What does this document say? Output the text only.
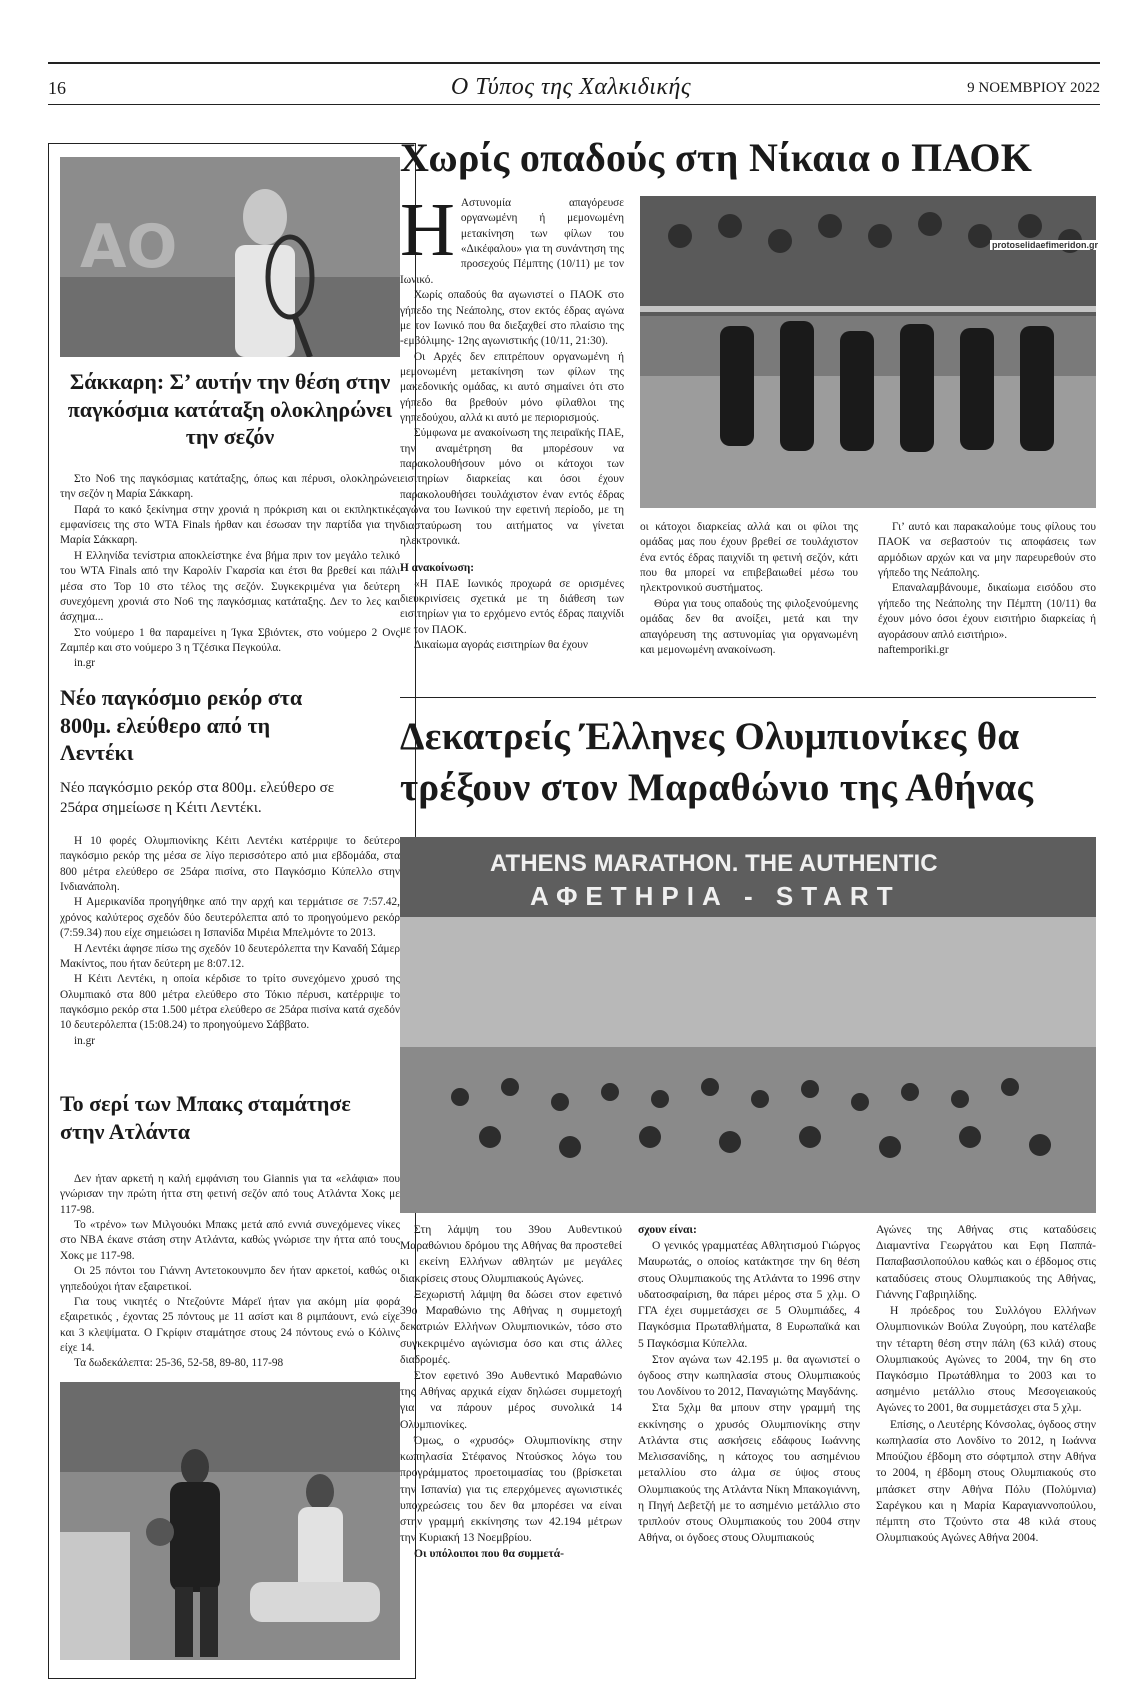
16	Ο Τύπος της Χαλκιδικής	9 ΝΟΕΜΒΡΙΟΥ 2022
AO
Σάκκαρη: Σ’ αυτήν την θέση στην παγκόσμια κατάταξη ολοκληρώνει την σεζόν

Στο Νο6 της παγκόσμιας κατάταξης, όπως και πέρυσι, ολοκληρώνει την σεζόν η Μαρία Σάκκαρη.

Παρά το κακό ξεκίνημα στην χρονιά η πρόκριση και οι εκπληκτικές εμφανίσεις της στο WTA Finals ήρθαν και έσωσαν την παρτίδα για την Μαρία Σάκκαρη.

Η Ελληνίδα τενίστρια αποκλείστηκε ένα βήμα πριν τον μεγάλο τελικό του WTA Finals από την Καρολίν Γκαρσία και έτσι θα βρεθεί και πάλι μέσα στο Top 10 στο τέλος της σεζόν. Συγκεκριμένα για δεύτερη συνεχόμενη χρονιά στο Νο6 της παγκόσμιας κατάταξης. Δεν το λες και άσχημα...

Στο νούμερο 1 θα παραμείνει η Ίγκα Σβιόντεκ, στο νούμερο 2 Ονς Ζαμπέρ και στο νούμερο 3 η Τζέσικα Πεγκούλα.

in.gr

Νέο παγκόσμιο ρεκόρ στα 800μ. ελεύθερο από τη Λεντέκι
Νέο παγκόσμιο ρεκόρ στα 800μ. ελεύθερο σε 25άρα σημείωσε η Κέιτι Λεντέκι.

Η 10 φορές Ολυμπιονίκης Κέιτι Λεντέκι κατέρριψε το δεύτερο παγκόσμιο ρεκόρ της μέσα σε λίγο περισσότερο από μια εβδομάδα, στα 800 μέτρα ελεύθερο σε 25άρα πισίνα, στο Παγκόσμιο Κύπελλο στην Ινδιανάπολη.

Η Αμερικανίδα προηγήθηκε από την αρχή και τερμάτισε σε 7:57.42, χρόνος καλύτερος σχεδόν δύο δευτερόλεπτα από το προηγούμενο ρεκόρ (7:59.34) που είχε σημειώσει η Ισπανίδα Μιρέια Μπελμόντε το 2013.

Η Λεντέκι άφησε πίσω της σχεδόν 10 δευτερόλεπτα την Καναδή Σάμερ Μακίντος, που ήταν δεύτερη με 8:07.12.

Η Κέιτι Λεντέκι, η οποία κέρδισε το τρίτο συνεχόμενο χρυσό της Ολυμπιακό στα 800 μέτρα ελεύθερο στο Τόκιο πέρυσι, κατέρριψε το παγκόσμιο ρεκόρ στα 1.500 μέτρα ελεύθερο σε 25άρα πισίνα κατά σχεδόν 10 δευτερόλεπτα (15:08.24) το προηγούμενο Σάββατο.

in.gr

Το σερί των Μπακς σταμάτησε στην Ατλάντα

Δεν ήταν αρκετή η καλή εμφάνιση του Giannis για τα «ελάφια» που γνώρισαν την πρώτη ήττα στη φετινή σεζόν από τους Ατλάντα Χοκς με 117-98.

Το «τρένο» των Μιλγουόκι Μπακς μετά από εννιά συνεχόμενες νίκες στο NBA έκανε στάση στην Ατλάντα, καθώς γνώρισε την ήττα από τους Χοκς με 117-98.

Οι 25 πόντοι του Γιάννη Αντετοκουνμπο δεν ήταν αρκετοί, καθώς οι γηπεδούχοι ήταν εξαιρετικοί.

Για τους νικητές ο Ντεζούντε Μάρεϊ ήταν για ακόμη μία φορά εξαιρετικός , έχοντας 25 πόντους με 11 ασίστ και 8 ριμπάουντ, ενώ είχε και 3 κλεψίματα. Ο Γκρίφιν σταμάτησε στους 24 πόντους ενώ ο Κόλινς είχε 14.

Τα δωδεκάλεπτα: 25-36, 52-58, 89-80, 117-98

Χωρίς οπαδούς στη Νίκαια ο ΠΑΟΚ
Η Αστυνομία απαγόρευσε οργανωμένη ή μεμονωμένη μετακίνηση των φίλων του «Δικέφαλου» για τη συνάντηση της προσεχούς Πέμπτης (10/11) με τον Ιωνικό.

Χωρίς οπαδούς θα αγωνιστεί ο ΠΑΟΚ στο γήπεδο της Νεάπολης, στον εκτός έδρας αγώνα με τον Ιωνικό που θα διεξαχθεί στο πλαίσιο της -εμβόλιμης- 12ης αγωνιστικής (10/11, 21:30).

Οι Αρχές δεν επιτρέπουν οργανωμένη ή μεμονωμένη μετακίνηση των φίλων της μακεδονικής ομάδας, κι αυτό σημαίνει ότι στο γήπεδο θα βρεθούν μόνο φίλαθλοι της γηπεδούχου, αλλά κι αυτό με περιορισμούς.

Σύμφωνα με ανακοίνωση της πειραϊκής ΠΑΕ, την αναμέτρηση θα μπορέσουν να παρακολουθήσουν μόνο οι κάτοχοι των εισιτηρίων διαρκείας και όσοι έχουν παρακολουθήσει τουλάχιστον έναν εντός έδρας αγώνα του Ιωνικού την εφετινή περίοδο, με τη διασταύρωση του αιτήματος να γίνεται ηλεκτρονικά.

Η ανακοίνωση:

«Η ΠΑΕ Ιωνικός προχωρά σε ορισμένες διευκρινίσεις σχετικά με τη διάθεση των εισιτηρίων για το ερχόμενο εντός έδρας παιχνίδι με τον ΠΑΟΚ.

Δικαίωμα αγοράς εισιτηρίων θα έχουν

protoselidaefimeridon.gr

οι κάτοχοι διαρκείας αλλά και οι φίλοι της ομάδας μας που έχουν βρεθεί σε τουλάχιστον ένα εντός έδρας παιχνίδι τη φετινή σεζόν, κάτι που θα μπορεί να επιβεβαιωθεί μέσω του ηλεκτρονικού συστήματος.

Θύρα για τους οπαδούς της φιλοξενούμενης ομάδας δεν θα ανοίξει, μετά και την απαγόρευση της αστυνομίας για οργανωμένη και μεμονωμένη ανακοίνωση.

Γι’ αυτό και παρακαλούμε τους φίλους του ΠΑΟΚ να σεβαστούν τις αποφάσεις των αρμόδιων αρχών και να μην παρευρεθούν στο γήπεδο της Νεάπολης.

Επαναλαμβάνουμε, δικαίωμα εισόδου στο γήπεδο της Νεάπολης την Πέμπτη (10/11) θα έχουν μόνο όσοι έχουν εισιτήριο διαρκείας ή αγοράσουν απλό εισιτήριο».

naftemporiki.gr

Δεκατρείς Έλληνες Ολυμπιονίκες θα τρέξουν στον Μαραθώνιο της Αθήνας
ATHENS MARATHON. THE AUTHENTIC
ΑΦΕΤΗΡΙΑ - START

Στη λάμψη του 39ου Αυθεντικού Μαραθώνιου δρόμου της Αθήνας θα προστεθεί κι εκείνη Ελλήνων αθλητών με μεγάλες διακρίσεις στους Ολυμπιακούς Αγώνες.

Ξεχωριστή λάμψη θα δώσει στον εφετινό 39ο Μαραθώνιο της Αθήνας η συμμετοχή δεκατριών Ελλήνων Ολυμπιονικών, τόσο στο συγκεκριμένο αγώνισμα όσο και στις άλλες διαδρομές.

Στον εφετινό 39ο Αυθεντικό Μαραθώνιο της Αθήνας αρχικά είχαν δηλώσει συμμετοχή για να πάρουν μέρος συνολικά 14 Ολυμπιονίκες.

Όμως, ο «χρυσός» Ολυμπιονίκης στην κωπηλασία Στέφανος Ντούσκος λόγω του προγράμματος προετοιμασίας του (βρίσκεται την Ισπανία) για τις επερχόμενες αγωνιστικές υποχρεώσεις του δεν θα μπορέσει να είναι στην γραμμή εκκίνησης των 42.194 μέτρων την Κυριακή 13 Νοεμβρίου.

Οι υπόλοιποι που θα συμμετά-

σχουν είναι:

Ο γενικός γραμματέας Αθλητισμού Γιώργος Μαυρωτάς, ο οποίος κατάκτησε την 6η θέση στους Ολυμπιακούς της Ατλάντα το 1996 στην υδατοσφαίριση, θα πάρει μέρος στα 5 χλμ. Ο ΓΓΑ έχει συμμετάσχει σε 5 Ολυμπιάδες, 4 Παγκόσμια Πρωταθλήματα, 8 Ευρωπαϊκά και 5 Παγκόσμια Κύπελλα.

Στον αγώνα των 42.195 μ. θα αγωνιστεί ο όγδοος στην κωπηλασία στους Ολυμπιακούς του Λονδίνου το 2012, Παναγιώτης Μαγδάνης.

Στα 5χλμ θα μπουν στην γραμμή της εκκίνησης ο χρυσός Ολυμπιονίκης στην Ατλάντα στις ασκήσεις εδάφους Ιωάννης Μελισσανίδης, η κάτοχος του ασημένιου μεταλλίου στο άλμα σε ύψος στους Ολυμπιακούς της Ατλάντα Νίκη Μπακογιάννη, η Πηγή Δεβετζή με το ασημένιο μετάλλιο στο τριπλούν στους Ολυμπιακούς του 2004 στην Αθήνα, οι όγδοες στους Ολυμπιακούς

Αγώνες της Αθήνας στις καταδύσεις Διαμαντίνα Γεωργάτου και Εφη Παππά-Παπαβασιλοπούλου καθώς και ο έβδομος στις καταδύσεις στους Ολυμπιακούς της Αθήνας, Γιάννης Γαβριηλίδης.

Η πρόεδρος του Συλλόγου Ελλήνων Ολυμπιονικών Βούλα Ζυγούρη, που κατέλαβε την τέταρτη θέση στην πάλη (63 κιλά) στους Ολυμπιακούς Αγώνες το 2004, την 6η στο Παγκόσμιο Πρωτάθλημα το 2003 και το ασημένιο μετάλλιο στους Μεσογειακούς Αγώνες το 2001, θα συμμετάσχει στα 5 χλμ.

Επίσης, ο Λευτέρης Κόνσολας, όγδοος στην κωπηλασία στο Λονδίνο το 2012, η Ιωάννα Μπούζιου έβδομη στο σόφτμπολ στην Αθήνα το 2004, η έβδομη στους Ολυμπιακούς στο μπάσκετ στην Αθήνα Πόλυ (Πολύμνια) Σαρέγκου και η Μαρία Καραγιαννοπούλου, πέμπτη στο Τζούντο στα 48 κιλά στους Ολυμπιακούς Αγώνες Αθήνα 2004.
